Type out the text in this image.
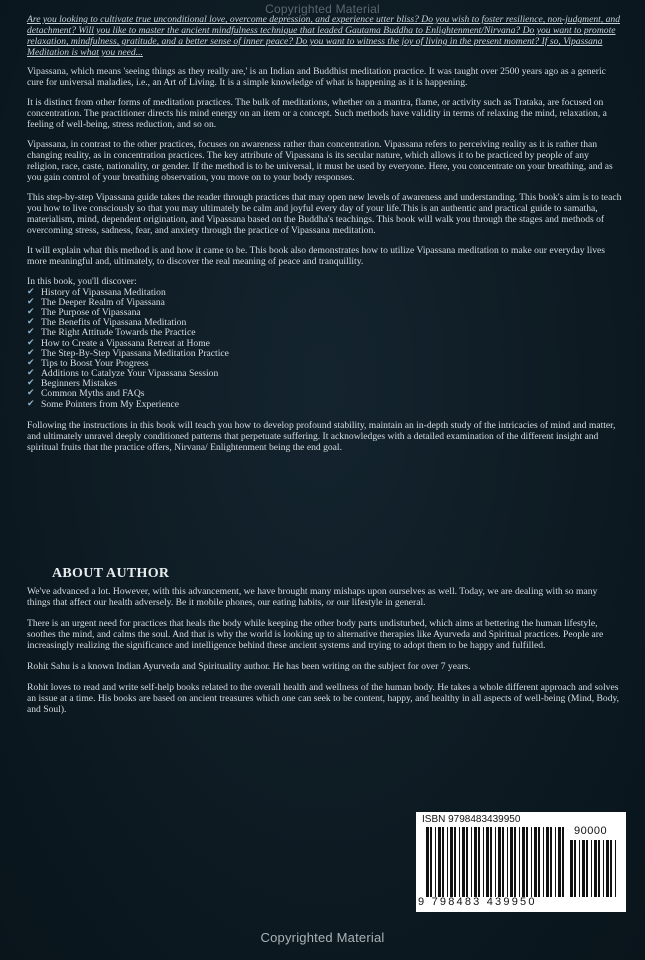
Copyrighted Material

Are you looking to cultivate true unconditional love, overcome depression, and experience utter bliss? Do you wish to foster resilience, non-judgment, and detachment? Will you like to master the ancient mindfulness technique that leaded Gautama Buddha to Enlightenment/Nirvana? Do you want to promote relaxation, mindfulness, gratitude, and a better sense of inner peace? Do you want to witness the joy of living in the present moment? If so, Vipassana Meditation is what you need...

Vipassana, which means 'seeing things as they really are,' is an Indian and Buddhist meditation practice. It was taught over 2500 years ago as a generic cure for universal maladies, i.e., an Art of Living. It is a simple knowledge of what is happening as it is happening.

It is distinct from other forms of meditation practices. The bulk of meditations, whether on a mantra, flame, or activity such as Trataka, are focused on concentration. The practitioner directs his mind energy on an item or a concept. Such methods have validity in terms of relaxing the mind, relaxation, a feeling of well-being, stress reduction, and so on.

Vipassana, in contrast to the other practices, focuses on awareness rather than concentration. Vipassana refers to perceiving reality as it is rather than changing reality, as in concentration practices. The key attribute of Vipassana is its secular nature, which allows it to be practiced by people of any religion, race, caste, nationality, or gender. If the method is to be universal, it must be used by everyone. Here, you concentrate on your breathing, and as you gain control of your breathing observation, you move on to your body responses.

This step-by-step Vipassana guide takes the reader through practices that may open new levels of awareness and understanding. This book's aim is to teach you how to live consciously so that you may ultimately be calm and joyful every day of your life.This is an authentic and practical guide to samatha, materialism, mind, dependent origination, and Vipassana based on the Buddha's teachings. This book will walk you through the stages and methods of overcoming stress, sadness, fear, and anxiety through the practice of Vipassana meditation.

It will explain what this method is and how it came to be. This book also demonstrates how to utilize Vipassana meditation to make our everyday lives more meaningful and, ultimately, to discover the real meaning of peace and tranquillity.

In this book, you'll discover:

✔ History of Vipassana Meditation
✔ The Deeper Realm of Vipassana
✔ The Purpose of Vipassana
✔ The Benefits of Vipassana Meditation
✔ The Right Attitude Towards the Practice
✔ How to Create a Vipassana Retreat at Home
✔ The Step-By-Step Vipassana Meditation Practice
✔ Tips to Boost Your Progress
✔ Additions to Catalyze Your Vipassana Session
✔ Beginners Mistakes
✔ Common Myths and FAQs
✔ Some Pointers from My Experience

Following the instructions in this book will teach you how to develop profound stability, maintain an in-depth study of the intricacies of mind and matter, and ultimately unravel deeply conditioned patterns that perpetuate suffering. It acknowledges with a detailed examination of the different insight and spiritual fruits that the practice offers, Nirvana/ Enlightenment being the end goal.

ABOUT AUTHOR

We've advanced a lot. However, with this advancement, we have brought many mishaps upon ourselves as well. Today, we are dealing with so many things that affect our health adversely. Be it mobile phones, our eating habits, or our lifestyle in general.

There is an urgent need for practices that heals the body while keeping the other body parts undisturbed, which aims at bettering the human lifestyle, soothes the mind, and calms the soul. And that is why the world is looking up to alternative therapies like Ayurveda and Spiritual practices. People are increasingly realizing the significance and intelligence behind these ancient systems and trying to adopt them to be happy and fulfilled.

Rohit Sahu is a known Indian Ayurveda and Spirituality author. He has been writing on the subject for over 7 years.

Rohit loves to read and write self-help books related to the overall health and wellness of the human body. He takes a whole different approach and solves an issue at a time. His books are based on ancient treasures which one can seek to be content, happy, and healthy in all aspects of well-being (Mind, Body, and Soul).

ISBN 9798483439950
90000
9 798483 439950
Copyrighted Material
